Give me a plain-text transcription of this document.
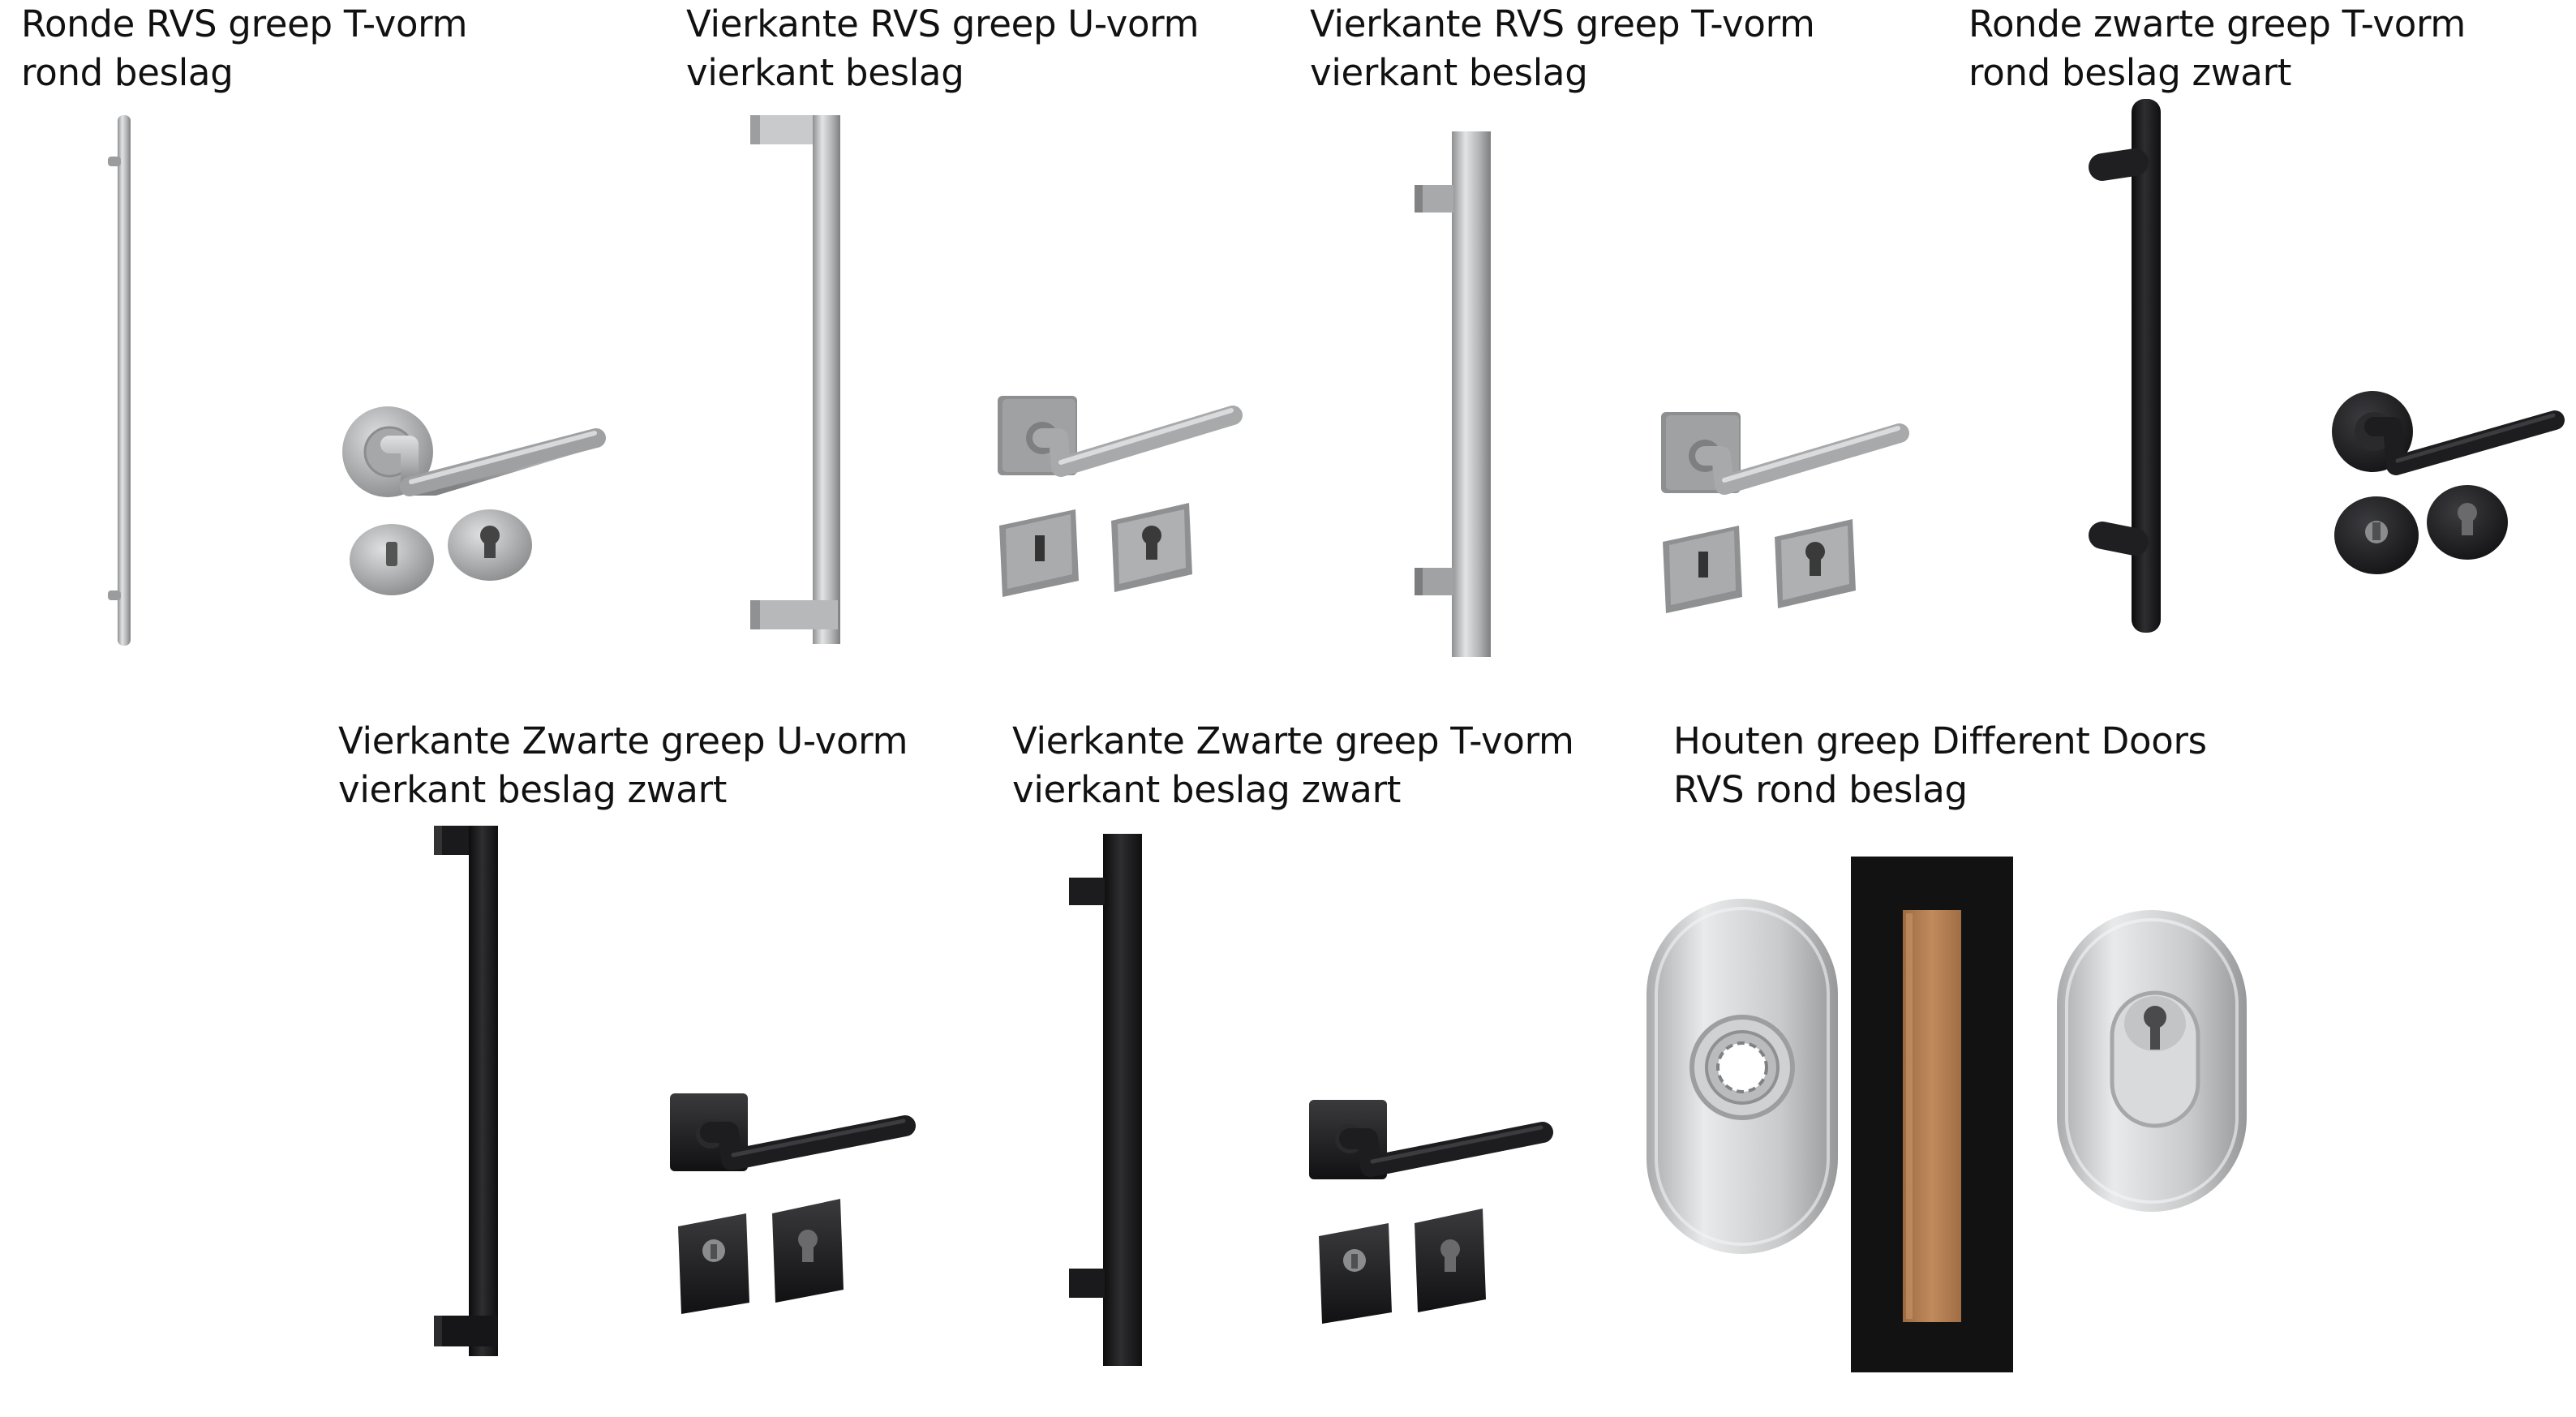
Ronde RVS greep T-vorm
rond beslag
Vierkante RVS greep U-vorm
vierkant beslag
Vierkante RVS greep T-vorm
vierkant beslag
Ronde zwarte greep T-vorm
rond beslag zwart
Vierkante Zwarte greep U-vorm
vierkant beslag zwart
Vierkante Zwarte greep T-vorm
vierkant beslag zwart
Houten greep Different Doors
RVS rond beslag
